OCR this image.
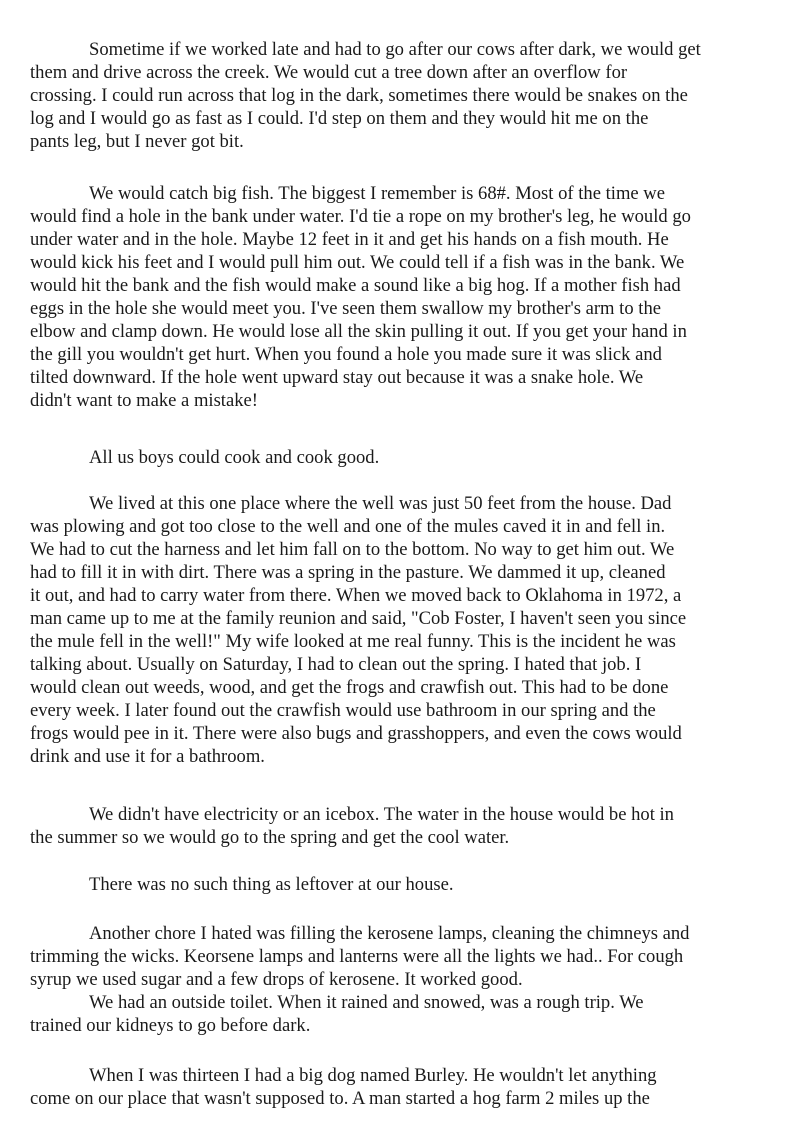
Sometime if we worked late and had to go after our cows after dark, we would get
them and drive across the creek. We would cut a tree down after an overflow for
crossing. I could run across that log in the dark, sometimes there would be snakes on the
log and I would go as fast as I could. I'd step on them and they would hit me on the
pants leg, but I never got bit.

We would catch big fish. The biggest I remember is 68#. Most of the time we
would find a hole in the bank under water. I'd tie a rope on my brother's leg, he would go
under water and in the hole. Maybe 12 feet in it and get his hands on a fish mouth. He
would kick his feet and I would pull him out. We could tell if a fish was in the bank. We
would hit the bank and the fish would make a sound like a big hog. If a mother fish had
eggs in the hole she would meet you. I've seen them swallow my brother's arm to the
elbow and clamp down. He would lose all the skin pulling it out. If you get your hand in
the gill you wouldn't get hurt. When you found a hole you made sure it was slick and
tilted downward. If the hole went upward stay out because it was a snake hole. We
didn't want to make a mistake!

All us boys could cook and cook good.

We lived at this one place where the well was just 50 feet from the house. Dad
was plowing and got too close to the well and one of the mules caved it in and fell in.
We had to cut the harness and let him fall on to the bottom. No way to get him out. We
had to fill it in with dirt. There was a spring in the pasture. We dammed it up, cleaned
it out, and had to carry water from there. When we moved back to Oklahoma in 1972, a
man came up to me at the family reunion and said, "Cob Foster, I haven't seen you since
the mule fell in the well!" My wife looked at me real funny. This is the incident he was
talking about. Usually on Saturday, I had to clean out the spring. I hated that job. I
would clean out weeds, wood, and get the frogs and crawfish out. This had to be done
every week. I later found out the crawfish would use bathroom in our spring and the
frogs would pee in it. There were also bugs and grasshoppers, and even the cows would
drink and use it for a bathroom.

We didn't have electricity or an icebox. The water in the house would be hot in
the summer so we would go to the spring and get the cool water.

There was no such thing as leftover at our house.

Another chore I hated was filling the kerosene lamps, cleaning the chimneys and
trimming the wicks. Keorsene lamps and lanterns were all the lights we had.. For cough
syrup we used sugar and a few drops of kerosene. It worked good.
We had an outside toilet. When it rained and snowed, was a rough trip. We
trained our kidneys to go before dark.

When I was thirteen I had a big dog named Burley. He wouldn't let anything
come on our place that wasn't supposed to. A man started a hog farm 2 miles up the
